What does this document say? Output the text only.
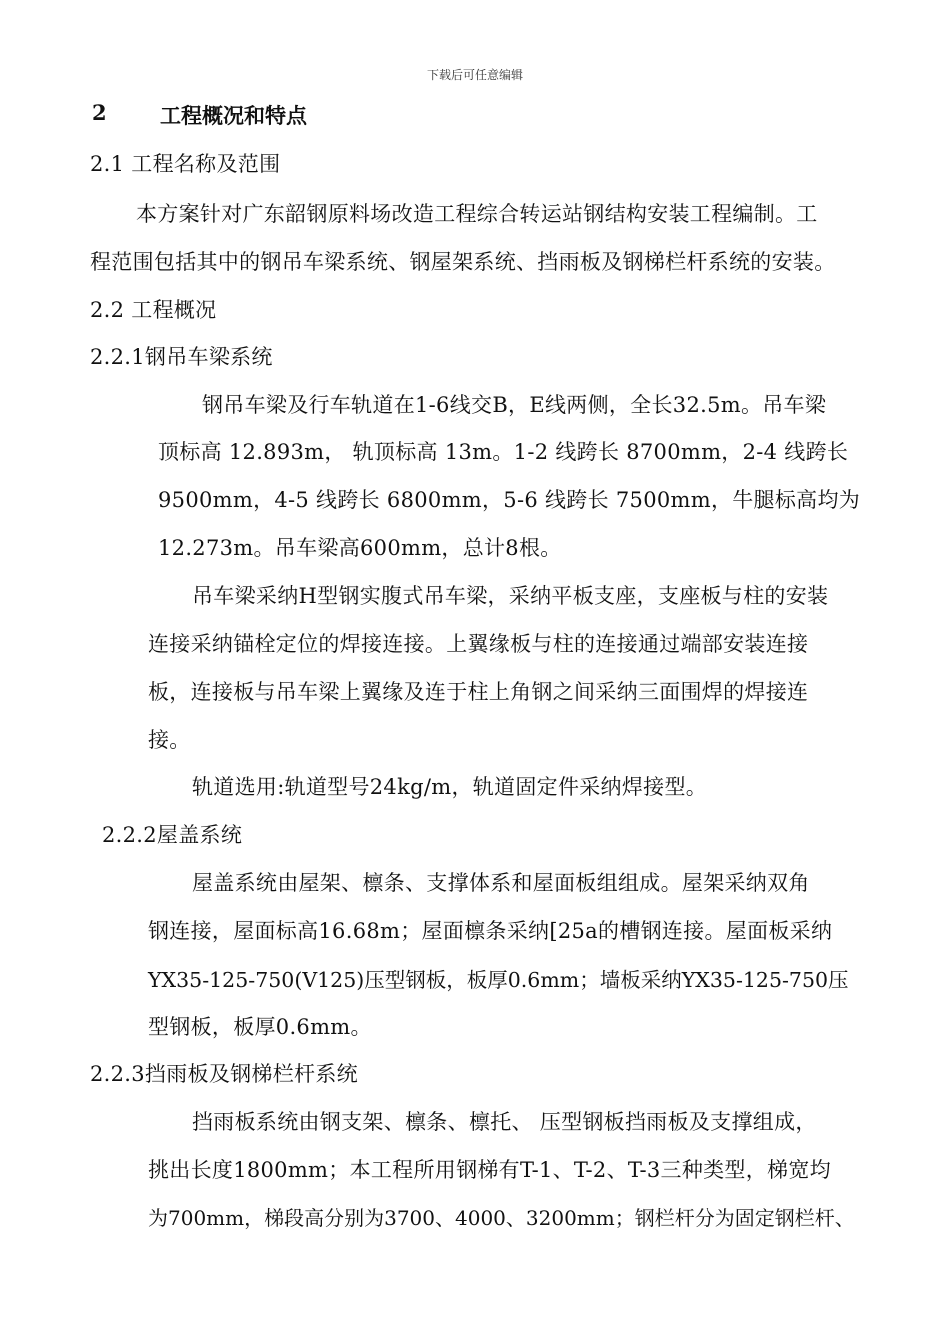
下载后可任意编辑
2	工程概况和特点
2.1 工程名称及范围
本方案针对广东韶钢原料场改造工程综合转运站钢结构安装工程编制。工
程范围包括其中的钢吊车梁系统、钢屋架系统、挡雨板及钢梯栏杆系统的安装。
2.2 工程概况
2.2.1钢吊车梁系统
钢吊车梁及行车轨道在1-6线交B，E线两侧，全长32.5m。吊车梁
顶标高 12.893m， 轨顶标高 13m。1-2 线跨长 8700mm，2-4 线跨长
9500mm，4-5 线跨长 6800mm，5-6 线跨长 7500mm，牛腿标高均为
12.273m。吊车梁高600mm，总计8根。
吊车梁采纳H型钢实腹式吊车梁，采纳平板支座，支座板与柱的安装
连接采纳锚栓定位的焊接连接。上翼缘板与柱的连接通过端部安装连接
板，连接板与吊车梁上翼缘及连于柱上角钢之间采纳三面围焊的焊接连
接。
轨道选用:轨道型号24kg/m，轨道固定件采纳焊接型。
2.2.2屋盖系统
屋盖系统由屋架、檩条、支撑体系和屋面板组组成。屋架采纳双角
钢连接，屋面标高16.68m；屋面檩条采纳[25a的槽钢连接。屋面板采纳
YX35-125-750(V125)压型钢板，板厚0.6mm；墙板采纳YX35-125-750压
型钢板，板厚0.6mm。
2.2.3挡雨板及钢梯栏杆系统
挡雨板系统由钢支架、檩条、檩托、 压型钢板挡雨板及支撑组成，
挑出长度1800mm；本工程所用钢梯有T-1、T-2、T-3三种类型，梯宽均
为700mm，梯段高分别为3700、4000、3200mm；钢栏杆分为固定钢栏杆、
